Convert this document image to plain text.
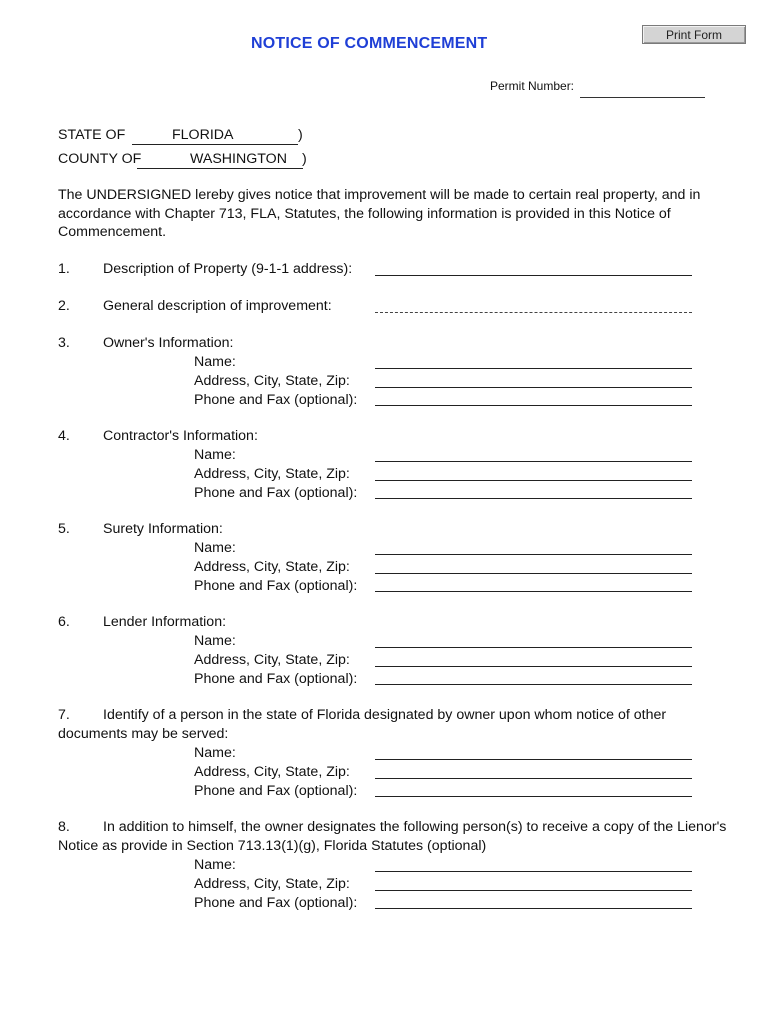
Print Form
NOTICE OF COMMENCEMENT
Permit Number:
STATE OF	FLORIDA	)
COUNTY OF	WASHINGTON )
The UNDERSIGNED lereby gives notice that improvement will be made to certain real property, and in accordance with Chapter 713, FLA, Statutes, the following information is provided in this Notice of Commencement.
1. Description of Property (9-1-1 address):
2. General description of improvement:
3. Owner's Information:
Name:
Address, City, State, Zip:
Phone and Fax (optional):
4. Contractor's Information:
Name:
Address, City, State, Zip:
Phone and Fax (optional):
5. Surety Information:
Name:
Address, City, State, Zip:
Phone and Fax (optional):
6. Lender Information:
Name:
Address, City, State, Zip:
Phone and Fax (optional):
7. Identify of a person in the state of Florida designated by owner upon whom notice of other
documents may be served:
Name:
Address, City, State, Zip:
Phone and Fax (optional):
8. In addition to himself, the owner designates the following person(s) to receive a copy of the Lienor's
Notice as provide in Section 713.13(1)(g), Florida Statutes (optional)
Name:
Address, City, State, Zip:
Phone and Fax (optional):
